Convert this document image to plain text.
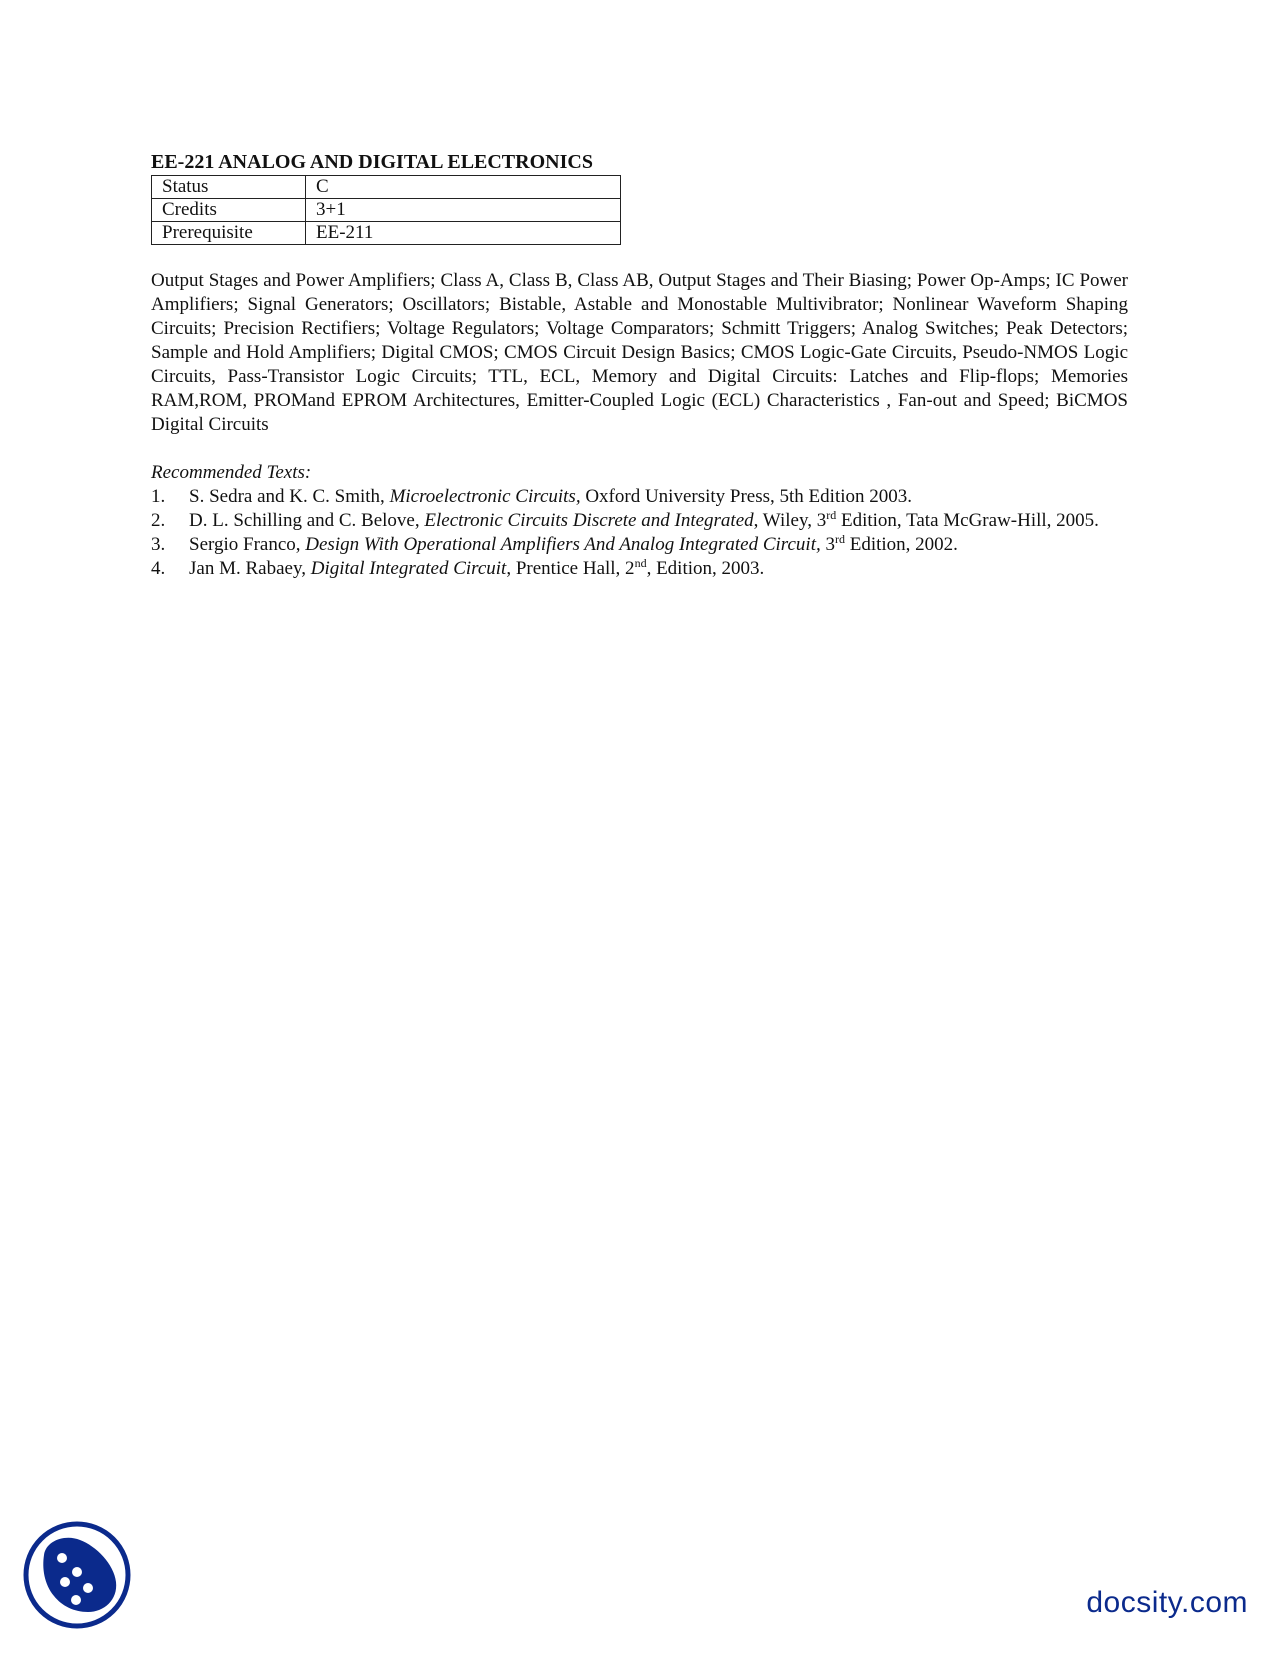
EE-221 ANALOG AND DIGITAL ELECTRONICS
Status	C
Credits	3+1
Prerequisite	EE-211

Output Stages and Power Amplifiers; Class A, Class B, Class AB, Output Stages and Their Biasing; Power Op-Amps; IC Power Amplifiers; Signal Generators; Oscillators; Bistable, Astable and Monostable Multivibrator; Nonlinear Waveform Shaping Circuits; Precision Rectifiers; Voltage Regulators; Voltage Comparators; Schmitt Triggers; Analog Switches; Peak Detectors; Sample and Hold Amplifiers; Digital CMOS; CMOS Circuit Design Basics; CMOS Logic-Gate Circuits, Pseudo-NMOS Logic Circuits, Pass-Transistor Logic Circuits; TTL, ECL, Memory and Digital Circuits: Latches and Flip-flops; Memories RAM,ROM, PROMand EPROM Architectures, Emitter-Coupled Logic (ECL) Characteristics , Fan-out and Speed; BiCMOS Digital Circuits

Recommended Texts:
1. S. Sedra and K. C. Smith, Microelectronic Circuits, Oxford University Press, 5th Edition 2003.
2. D. L. Schilling and C. Belove, Electronic Circuits Discrete and Integrated, Wiley, 3rd Edition, Tata McGraw-Hill, 2005.
3. Sergio Franco, Design With Operational Amplifiers And Analog Integrated Circuit, 3rd Edition, 2002.
4. Jan M. Rabaey, Digital Integrated Circuit, Prentice Hall, 2nd, Edition, 2003.
docsity.com
